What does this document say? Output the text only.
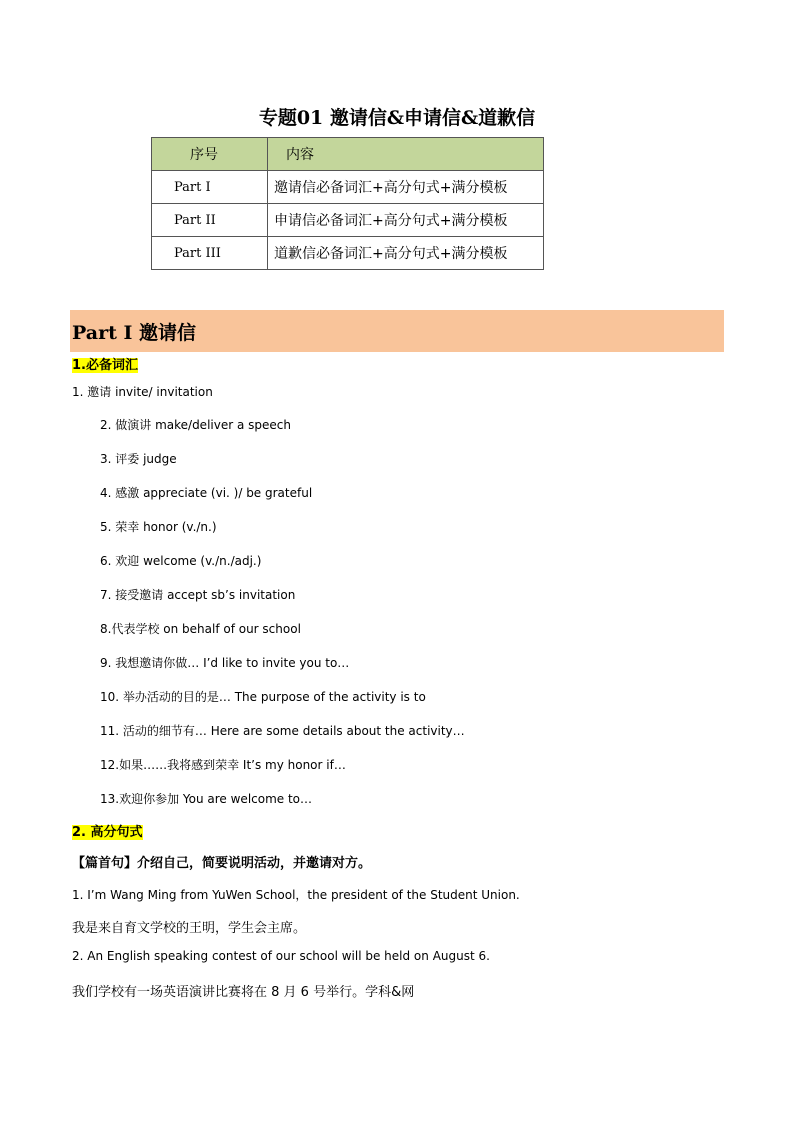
专题01 邀请信&申请信&道歉信
序号	内容
Part I	邀请信必备词汇+高分句式+满分模板
Part II	申请信必备词汇+高分句式+满分模板
Part III	道歉信必备词汇+高分句式+满分模板
Part I 邀请信
1.必备词汇
1. 邀请 invite/ invitation
2. 做演讲 make/deliver a speech
3. 评委 judge
4. 感激 appreciate (vi. )/ be grateful
5. 荣幸 honor (v./n.)
6. 欢迎 welcome (v./n./adj.)
7. 接受邀请 accept sb’s invitation
8.代表学校 on behalf of our school
9. 我想邀请你做… I’d like to invite you to…
10. 举办活动的目的是… The purpose of the activity is to
11. 活动的细节有… Here are some details about the activity…
12.如果……我将感到荣幸 It’s my honor if…
13.欢迎你参加 You are welcome to…
2. 高分句式
【篇首句】介绍自己，简要说明活动，并邀请对方。
1. I’m Wang Ming from YuWen School，the president of the Student Union.
我是来自育文学校的王明，学生会主席。
2. An English speaking contest of our school will be held on August 6.
我们学校有一场英语演讲比赛将在 8 月 6 号举行。学科&网
